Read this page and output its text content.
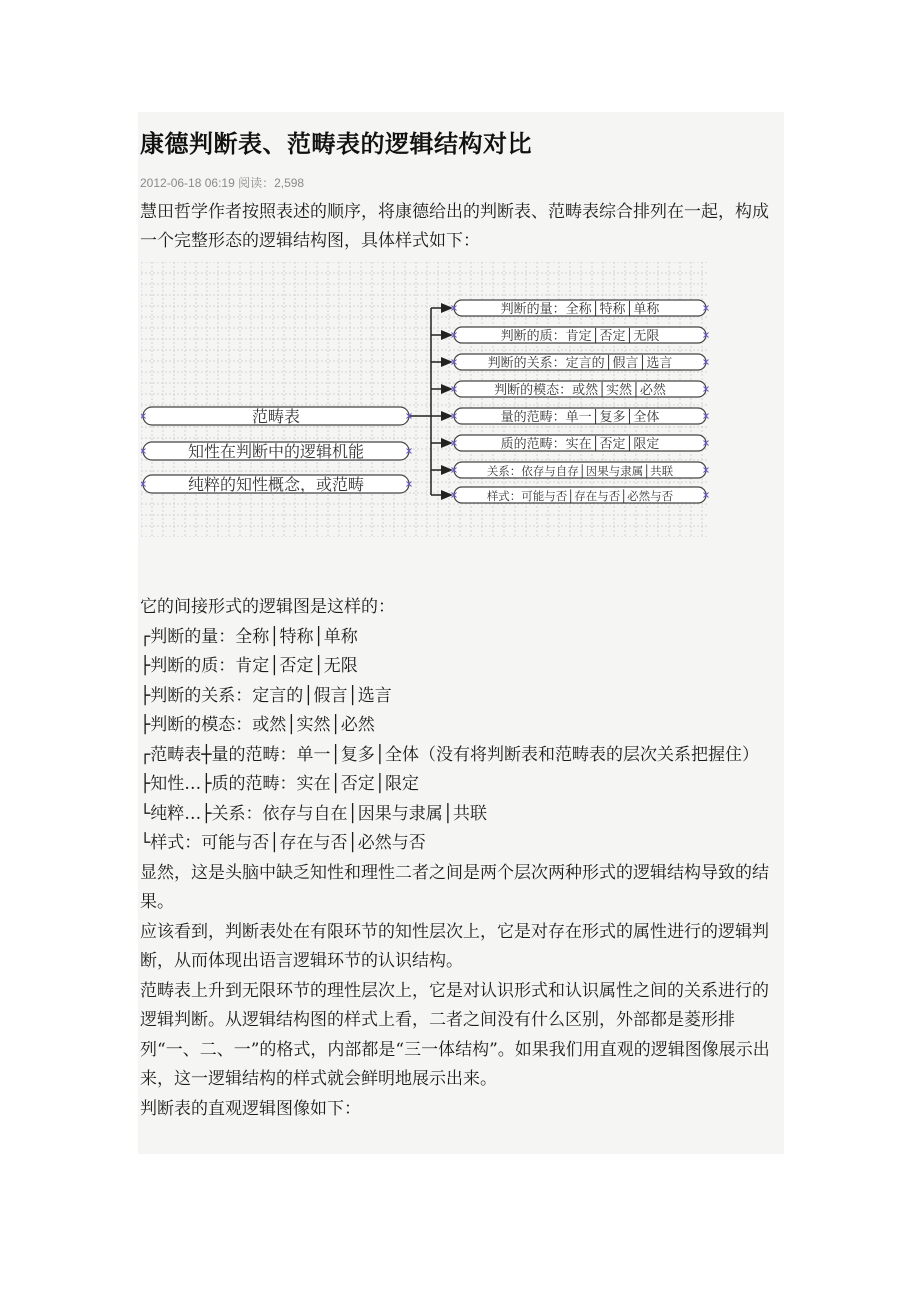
康德判断表、范畴表的逻辑结构对比
2012-06-18 06:19 阅读：2,598
慧田哲学作者按照表述的顺序，将康德给出的判断表、范畴表综合排列在一起，构成一个完整形态的逻辑结构图，具体样式如下：
范畴表
知性在判断中的逻辑机能
纯粹的知性概念，或范畴
判断的量：全称│特称│单称
判断的质：肯定│否定│无限
判断的关系：定言的│假言│选言
判断的模态：或然│实然│必然
量的范畴：单一│复多│全体
质的范畴：实在│否定│限定
关系：依存与自存│因果与隶属│共联
样式：可能与否│存在与否│必然与否

它的间接形式的逻辑图是这样的：

┌判断的量：全称│特称│单称

├判断的质：肯定│否定│无限

├判断的关系：定言的│假言│选言

├判断的模态：或然│实然│必然

┌范畴表┼量的范畴：单一│复多│全体（没有将判断表和范畴表的层次关系把握住）

├知性…├质的范畴：实在│否定│限定

└纯粹…├关系：依存与自在│因果与隶属│共联

└样式：可能与否│存在与否│必然与否

显然，这是头脑中缺乏知性和理性二者之间是两个层次两种形式的逻辑结构导致的结果。

应该看到，判断表处在有限环节的知性层次上，它是对存在形式的属性进行的逻辑判断，从而体现出语言逻辑环节的认识结构。

范畴表上升到无限环节的理性层次上，它是对认识形式和认识属性之间的关系进行的逻辑判断。从逻辑结构图的样式上看，二者之间没有什么区别，外部都是菱形排列“一、二、一”的格式，内部都是“三一体结构”。如果我们用直观的逻辑图像展示出来，这一逻辑结构的样式就会鲜明地展示出来。

判断表的直观逻辑图像如下：
